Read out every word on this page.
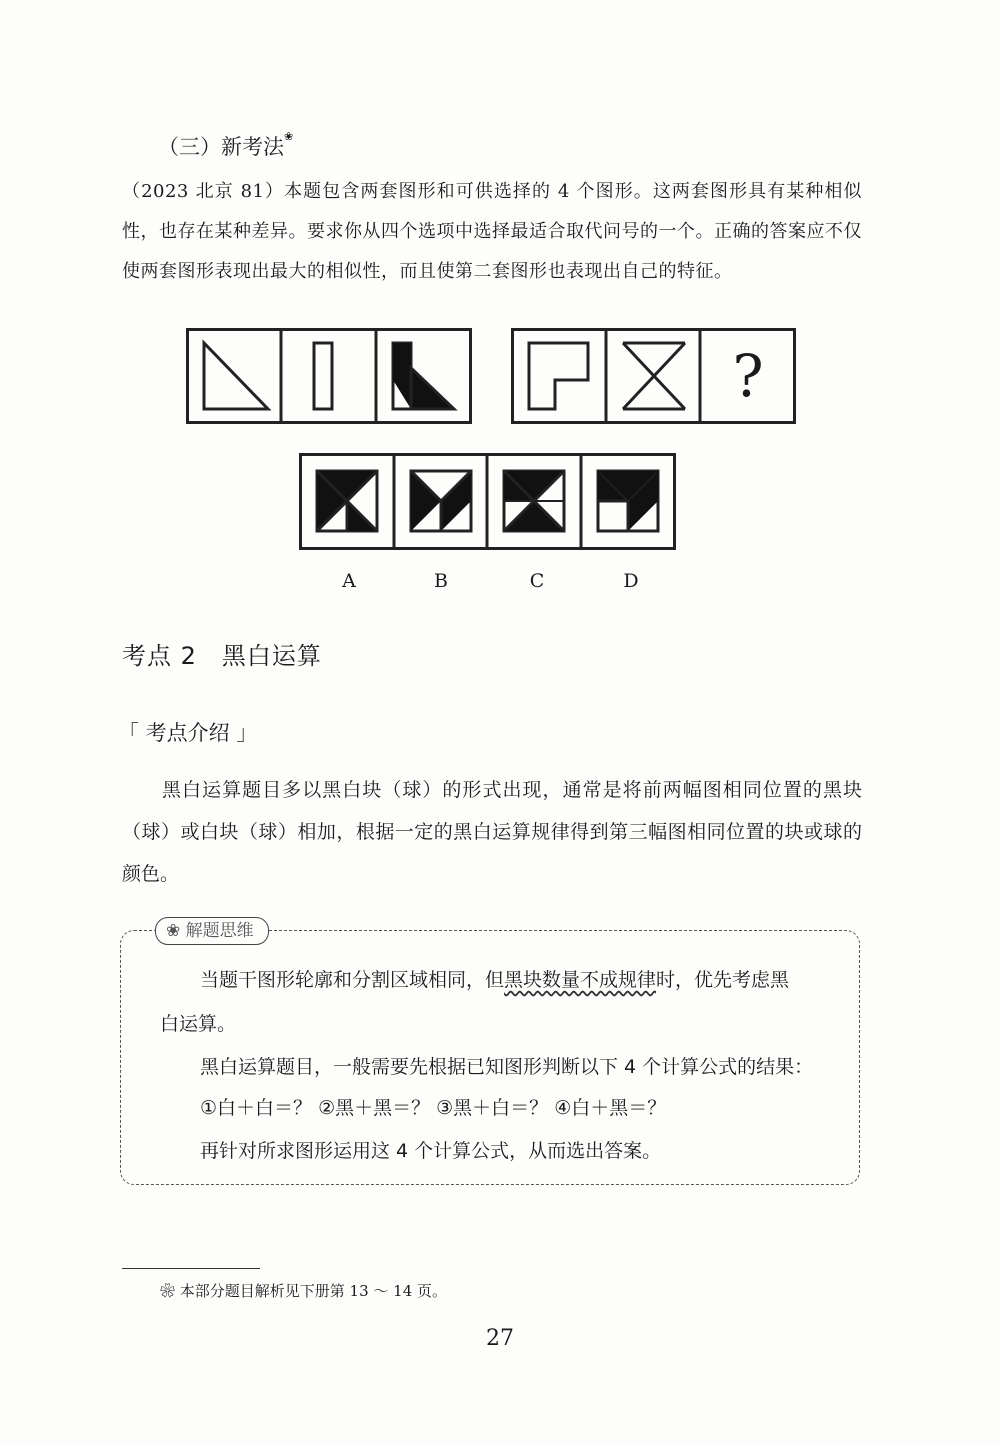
（三）新考法❀
（2023 北京 81）本题包含两套图形和可供选择的 4 个图形。这两套图形具有某种相似性，也存在某种差异。要求你从四个选项中选择最适合取代问号的一个。正确的答案应不仅使两套图形表现出最大的相似性，而且使第二套图形也表现出自己的特征。
?
A	B	C	D
考点 2　黑白运算
「 考点介绍 」
黑白运算题目多以黑白块（球）的形式出现，通常是将前两幅图相同位置的黑块（球）或白块（球）相加，根据一定的黑白运算规律得到第三幅图相同位置的块或球的颜色。
❀ 解题思维
当题干图形轮廓和分割区域相同，但黑块数量不成规律时，优先考虑黑
白运算。
黑白运算题目，一般需要先根据已知图形判断以下 4 个计算公式的结果：
①白＋白＝？ ②黑＋黑＝？ ③黑＋白＝？ ④白＋黑＝？
再针对所求图形运用这 4 个计算公式，从而选出答案。
❀ 本部分题目解析见下册第 13 ～ 14 页。
27
